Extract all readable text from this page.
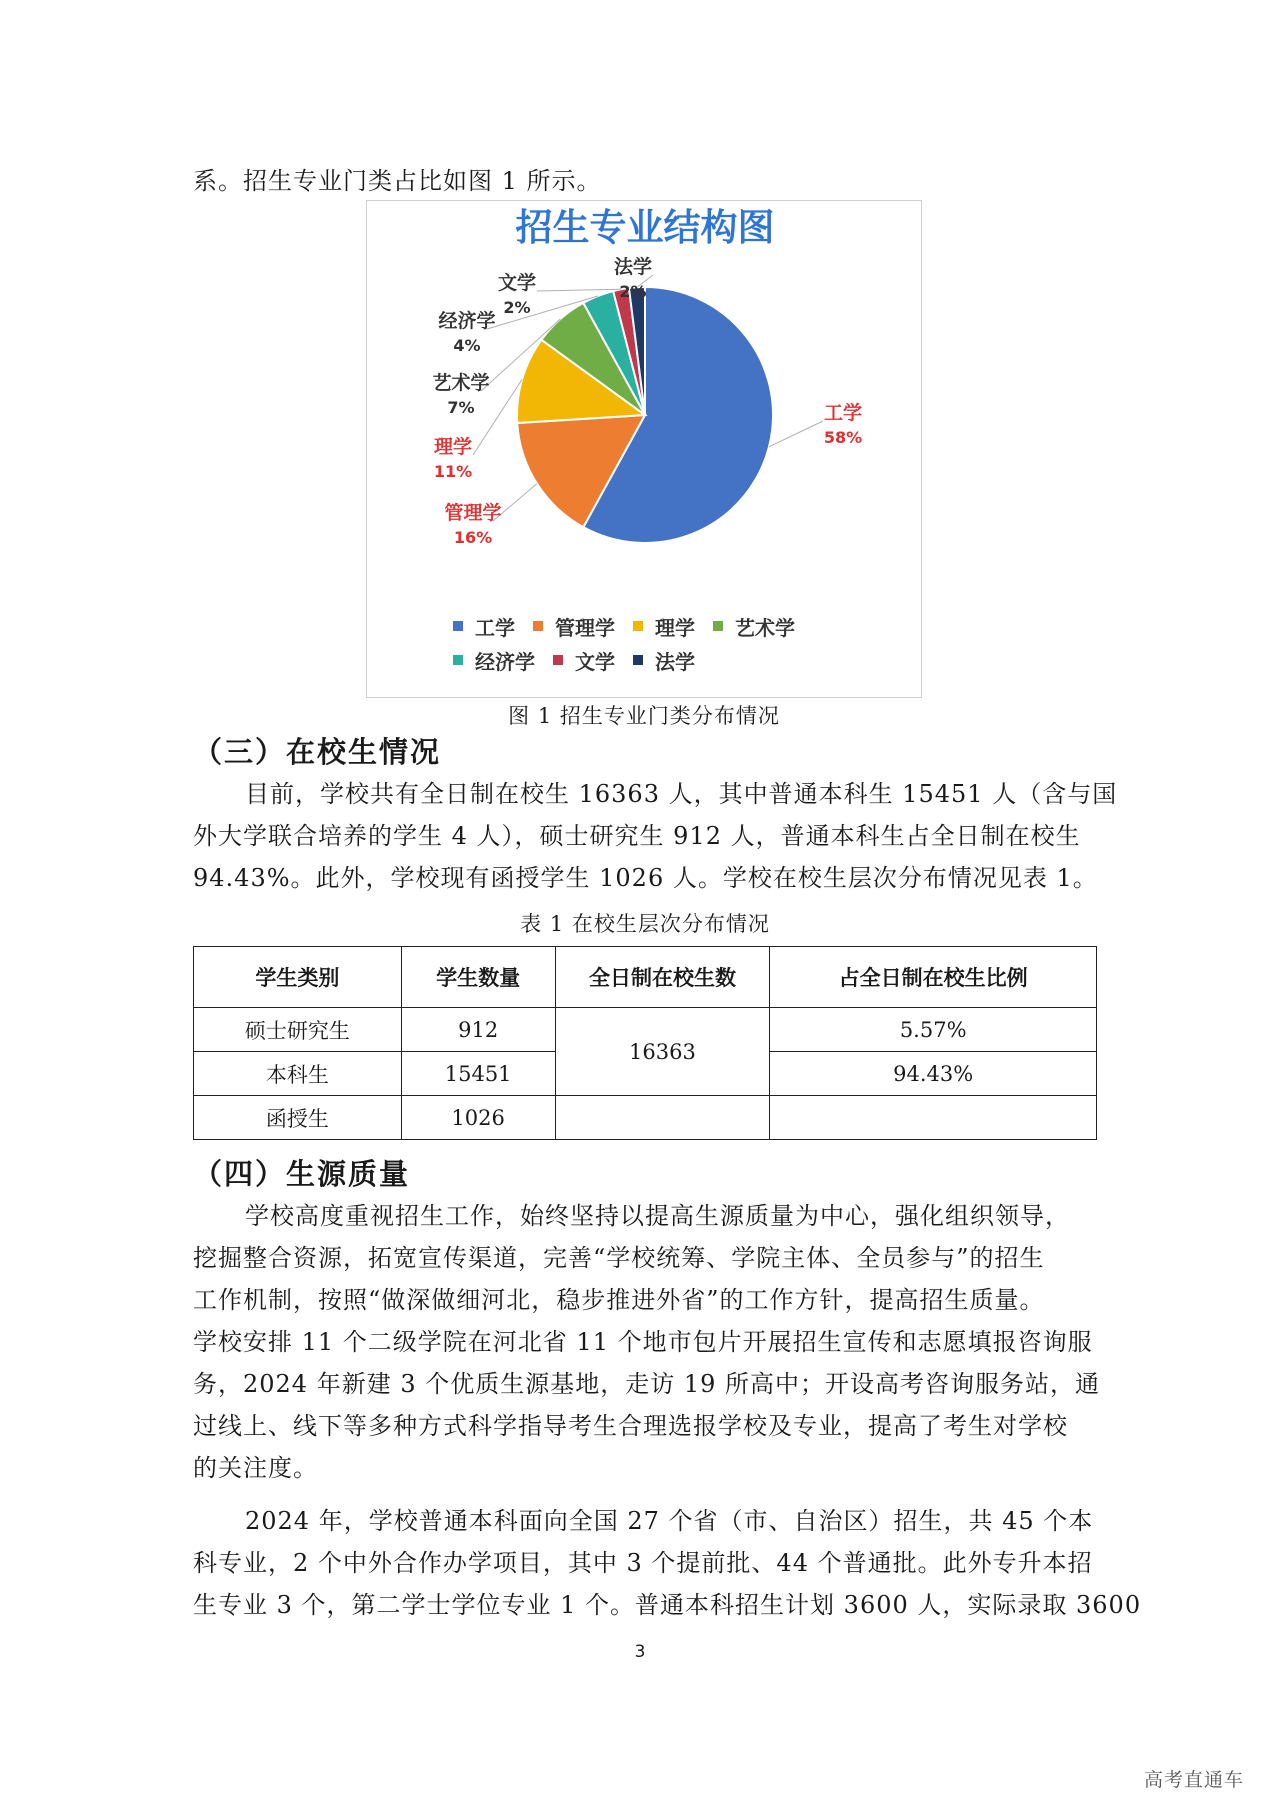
系。招生专业门类占比如图 1 所示。
招生专业结构图
工学
58%
管理学
16%
理学
11%
艺术学
7%
经济学
4%
文学
2%
法学
2%
工学 管理学 理学 艺术学

经济学 文学 法学
图 1 招生专业门类分布情况
（三）在校生情况
目前，学校共有全日制在校生 16363 人，其中普通本科生 15451 人（含与国
外大学联合培养的学生 4 人），硕士研究生 912 人，普通本科生占全日制在校生
94.43%。此外，学校现有函授学生 1026 人。学校在校生层次分布情况见表 1。
表 1 在校生层次分布情况
学生类别	学生数量	全日制在校生数	占全日制在校生比例
硕士研究生	912	16363	5.57%
本科生	15451		94.43%
函授生	1026		
（四）生源质量
学校高度重视招生工作，始终坚持以提高生源质量为中心，强化组织领导，
挖掘整合资源，拓宽宣传渠道，完善“学校统筹、学院主体、全员参与”的招生
工作机制，按照“做深做细河北，稳步推进外省”的工作方针，提高招生质量。
学校安排 11 个二级学院在河北省 11 个地市包片开展招生宣传和志愿填报咨询服
务，2024 年新建 3 个优质生源基地，走访 19 所高中；开设高考咨询服务站，通
过线上、线下等多种方式科学指导考生合理选报学校及专业，提高了考生对学校
的关注度。
2024 年，学校普通本科面向全国 27 个省（市、自治区）招生，共 45 个本
科专业，2 个中外合作办学项目，其中 3 个提前批、44 个普通批。此外专升本招
生专业 3 个，第二学士学位专业 1 个。普通本科招生计划 3600 人，实际录取 3600
3
高考直通车
